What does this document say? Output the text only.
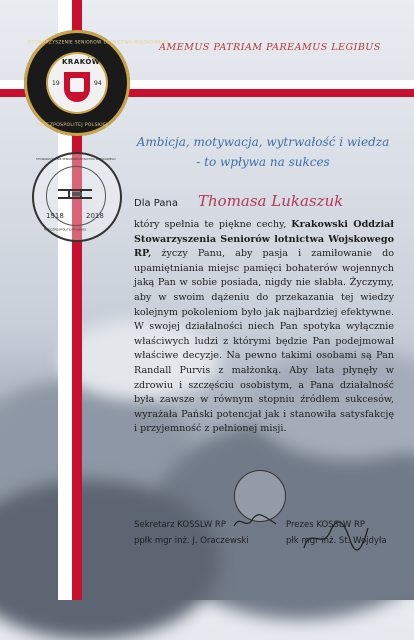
STOWARZYSZENIE SENIORÓW LOTNICTWA WOJSKOWEGO
KRAKÓW
19	94
RZECZPOSPOLITEJ POLSKIEJ
AMEMUS PATRIAM PAREAMUS LEGIBUS
STOWARZYSZENIE SENIORÓW LOTNICTWA WOJSKOWEGO
1918	2018
RZECZPOSPOLITEJ POLSKIEJ
Ambicja, motywacja, wytrwałość i wiedza
- to wpływa na sukces
Dla Pana Thomasa Lukaszuk
który spełnia te piękne cechy, Krakowski Oddział Stowarzyszenia Seniorów lotnictwa Wojskowego RP, życzy Panu, aby pasja i zamiłowanie do upamiętniania miejsc pamięci bohaterów wojennych jaką Pan w sobie posiada, nigdy nie słabła. Życzymy, aby w swoim dążeniu do przekazania tej wiedzy kolejnym pokoleniom było jak najbardziej efektywne. W swojej działalności niech Pan spotyka wyłącznie właściwych ludzi z którymi będzie Pan podejmował właściwe decyzje. Na pewno takimi osobami są Pan Randall Purvis z małżonką. Aby lata płynęły w zdrowiu i szczęściu osobistym, a Pana działalność była zawsze w równym stopniu źródłem sukcesów, wyrażała Pański potencjał jak i stanowiła satysfakcję i przyjemność z pełnionej misji.
Sekretarz KOSSLW RP
ppłk mgr inż. J. Oraczewski
Prezes KOSSLW RP
płk mgr inż. St. Wojdyła
